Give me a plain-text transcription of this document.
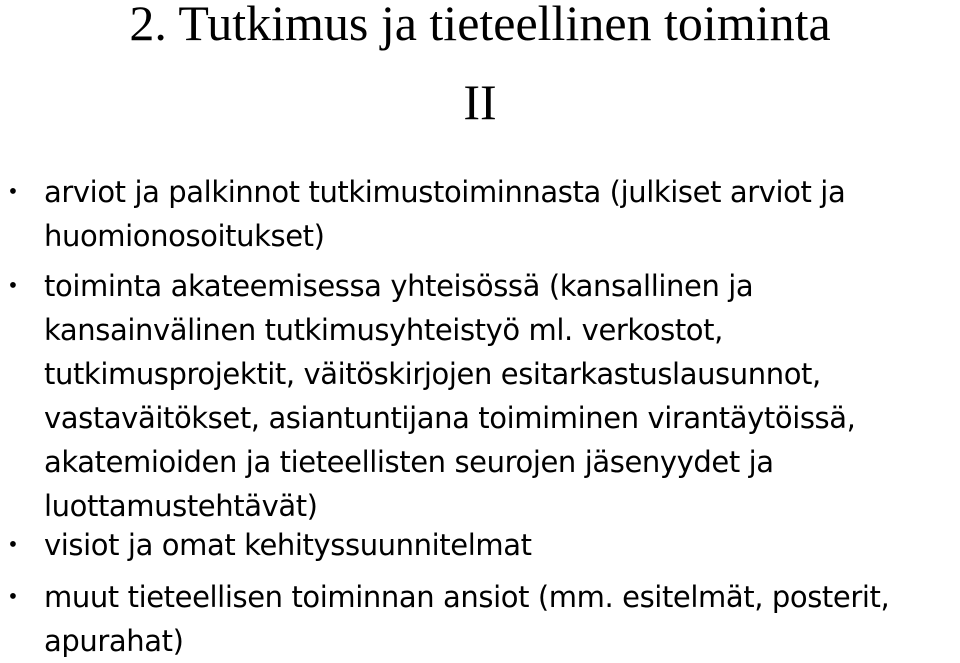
2. Tutkimus ja tieteellinen toiminta
II
• arviot ja palkinnot tutkimustoiminnasta (julkiset arviot ja
huomionosoitukset)
• toiminta akateemisessa yhteisössä (kansallinen ja
kansainvälinen tutkimusyhteistyö ml. verkostot,
tutkimusprojektit, väitöskirjojen esitarkastuslausunnot,
vastaväitökset, asiantuntijana toimiminen virantäytöissä,
akatemioiden ja tieteellisten seurojen jäsenyydet ja
luottamustehtävät)
• visiot ja omat kehityssuunnitelmat
• muut tieteellisen toiminnan ansiot (mm. esitelmät, posterit,
apurahat)
